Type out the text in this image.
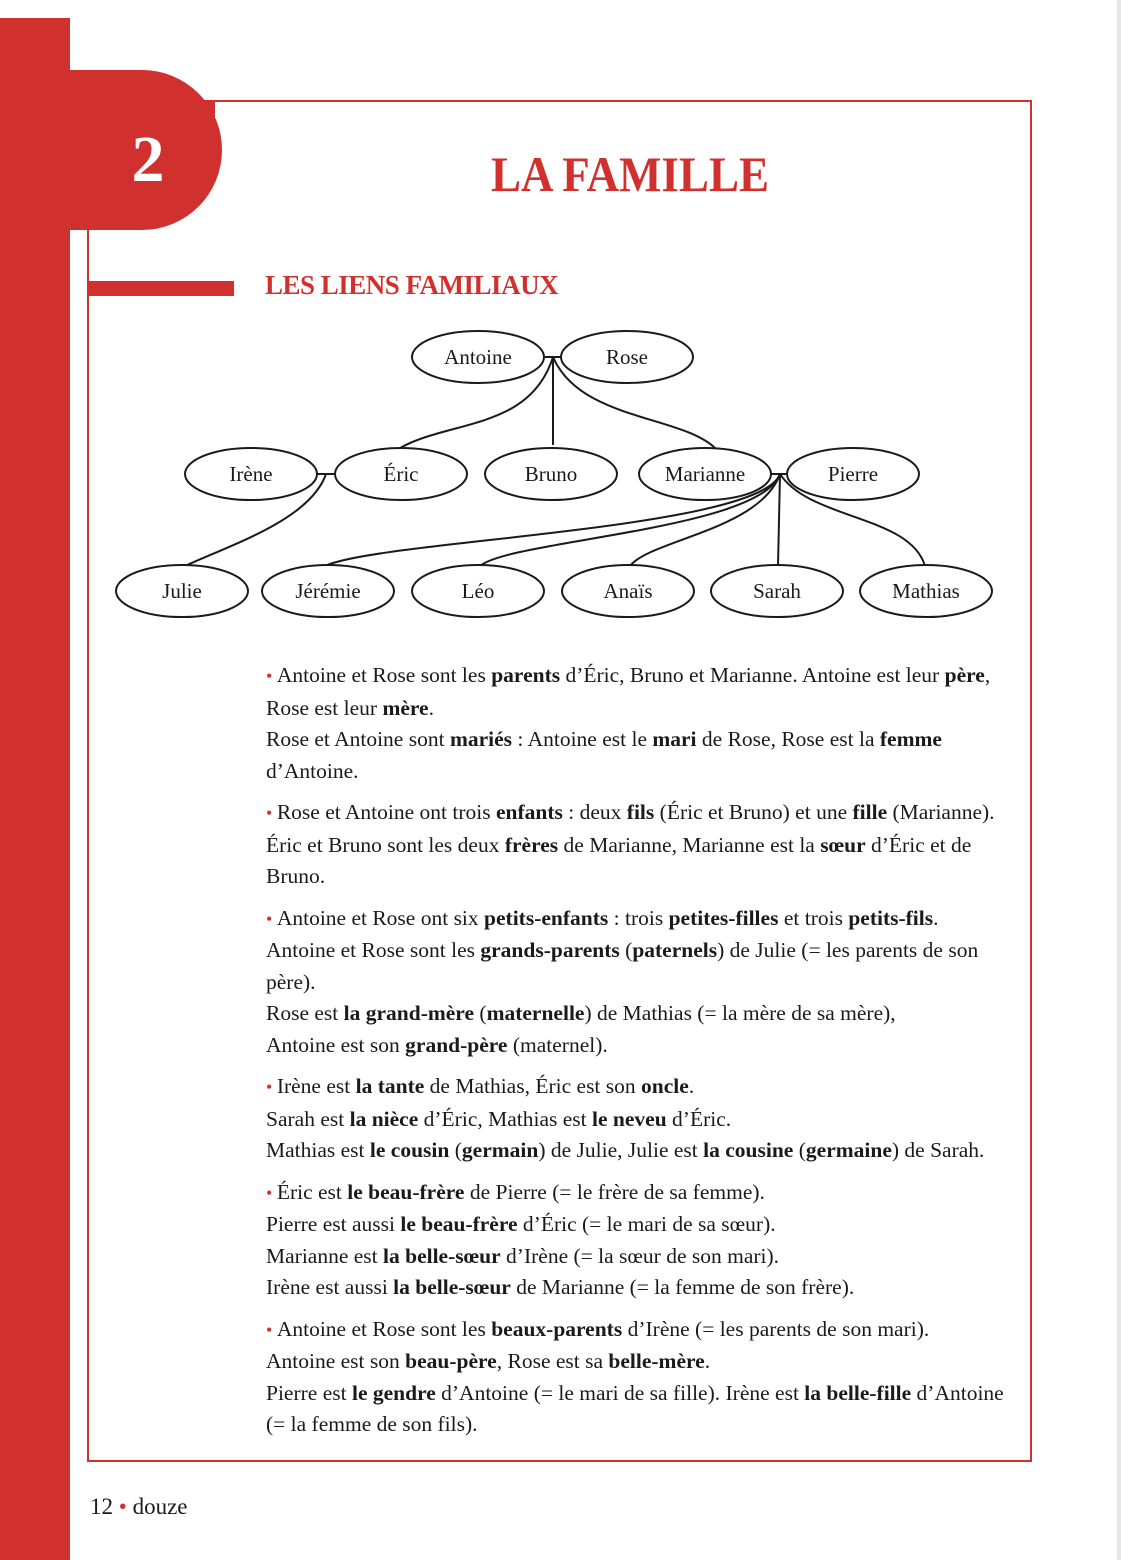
2	LA FAMILLE
LES LIENS FAMILIAUX
Antoine	Rose
Irène	Éric	Bruno	Marianne	Pierre
Julie	Jérémie	Léo	Anaïs	Sarah	Mathias
• Antoine et Rose sont les parents d’Éric, Bruno et Marianne. Antoine est leur père, Rose est leur mère.
Rose et Antoine sont mariés : Antoine est le mari de Rose, Rose est la femme d’Antoine.
• Rose et Antoine ont trois enfants : deux fils (Éric et Bruno) et une fille (Marianne). Éric et Bruno sont les deux frères de Marianne, Marianne est la sœur d’Éric et de Bruno.
• Antoine et Rose ont six petits-enfants : trois petites-filles et trois petits-fils.
Antoine et Rose sont les grands-parents (paternels) de Julie (= les parents de son père).
Rose est la grand-mère (maternelle) de Mathias (= la mère de sa mère),
Antoine est son grand-père (maternel).
• Irène est la tante de Mathias, Éric est son oncle.
Sarah est la nièce d’Éric, Mathias est le neveu d’Éric.
Mathias est le cousin (germain) de Julie, Julie est la cousine (germaine) de Sarah.
• Éric est le beau-frère de Pierre (= le frère de sa femme).
Pierre est aussi le beau-frère d’Éric (= le mari de sa sœur).
Marianne est la belle-sœur d’Irène (= la sœur de son mari).
Irène est aussi la belle-sœur de Marianne (= la femme de son frère).
• Antoine et Rose sont les beaux-parents d’Irène (= les parents de son mari).
Antoine est son beau-père, Rose est sa belle-mère.
Pierre est le gendre d’Antoine (= le mari de sa fille). Irène est la belle-fille d’Antoine (= la femme de son fils).
12 • douze
